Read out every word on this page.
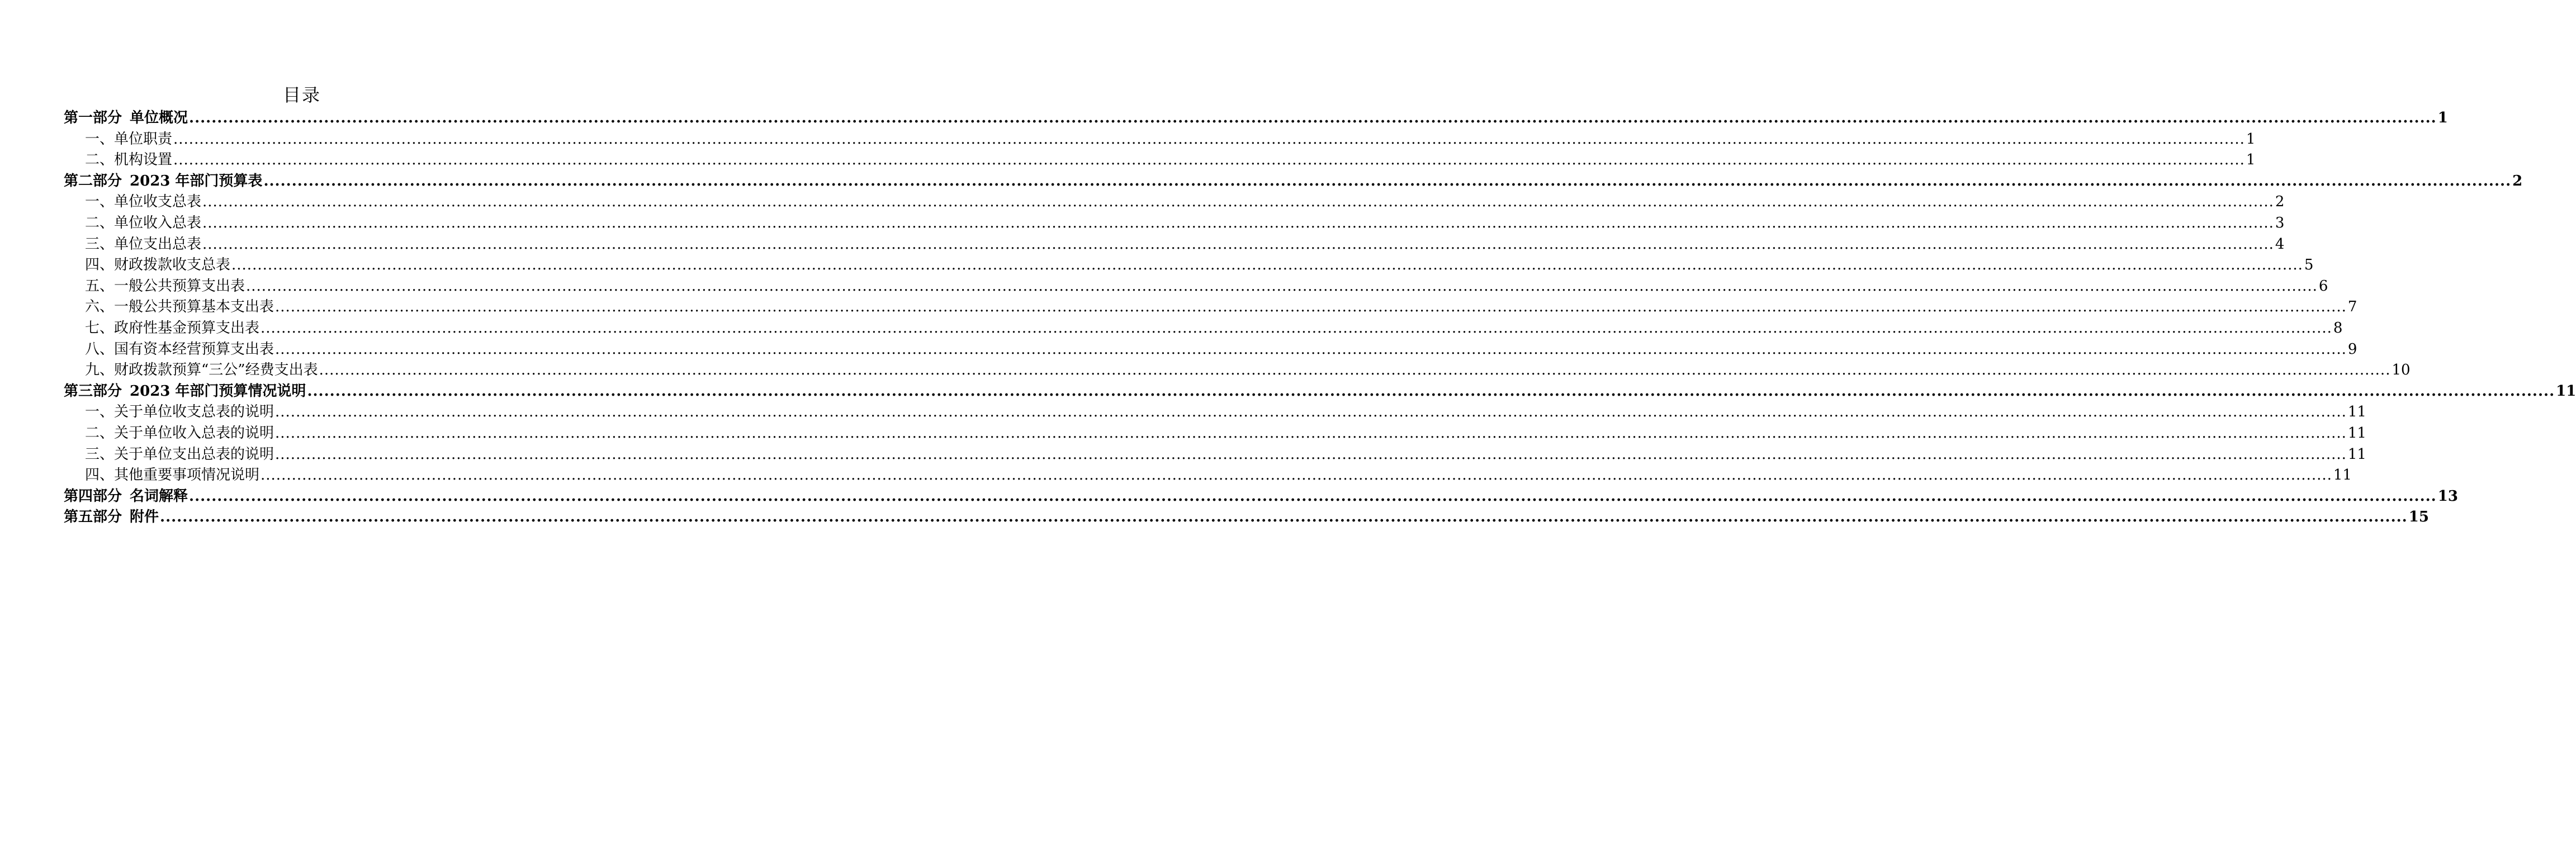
目录
第一部分 单位概况 ................................................................................................................................................................................................................................................................................................................................................................................................................ 1
一、单位职责 ................................................................................................................................................................................................................................................................................................................................................................................................................ 1
二、机构设置 ................................................................................................................................................................................................................................................................................................................................................................................................................ 1
第二部分 2023 年部门预算表 ................................................................................................................................................................................................................................................................................................................................................................................................................ 2
一、单位收支总表 ................................................................................................................................................................................................................................................................................................................................................................................................................ 2
二、单位收入总表 ................................................................................................................................................................................................................................................................................................................................................................................................................ 3
三、单位支出总表 ................................................................................................................................................................................................................................................................................................................................................................................................................ 4
四、财政拨款收支总表 ................................................................................................................................................................................................................................................................................................................................................................................................................ 5
五、一般公共预算支出表 ................................................................................................................................................................................................................................................................................................................................................................................................................ 6
六、一般公共预算基本支出表 ................................................................................................................................................................................................................................................................................................................................................................................................................ 7
七、政府性基金预算支出表 ................................................................................................................................................................................................................................................................................................................................................................................................................ 8
八、国有资本经营预算支出表 ................................................................................................................................................................................................................................................................................................................................................................................................................ 9
九、财政拨款预算“三公”经费支出表 ................................................................................................................................................................................................................................................................................................................................................................................................................ 10
第三部分 2023 年部门预算情况说明 ................................................................................................................................................................................................................................................................................................................................................................................................................ 11
一、关于单位收支总表的说明 ................................................................................................................................................................................................................................................................................................................................................................................................................ 11
二、关于单位收入总表的说明 ................................................................................................................................................................................................................................................................................................................................................................................................................ 11
三、关于单位支出总表的说明 ................................................................................................................................................................................................................................................................................................................................................................................................................ 11
四、其他重要事项情况说明 ................................................................................................................................................................................................................................................................................................................................................................................................................ 11
第四部分 名词解释 ................................................................................................................................................................................................................................................................................................................................................................................................................ 13
第五部分 附件 ................................................................................................................................................................................................................................................................................................................................................................................................................ 15
